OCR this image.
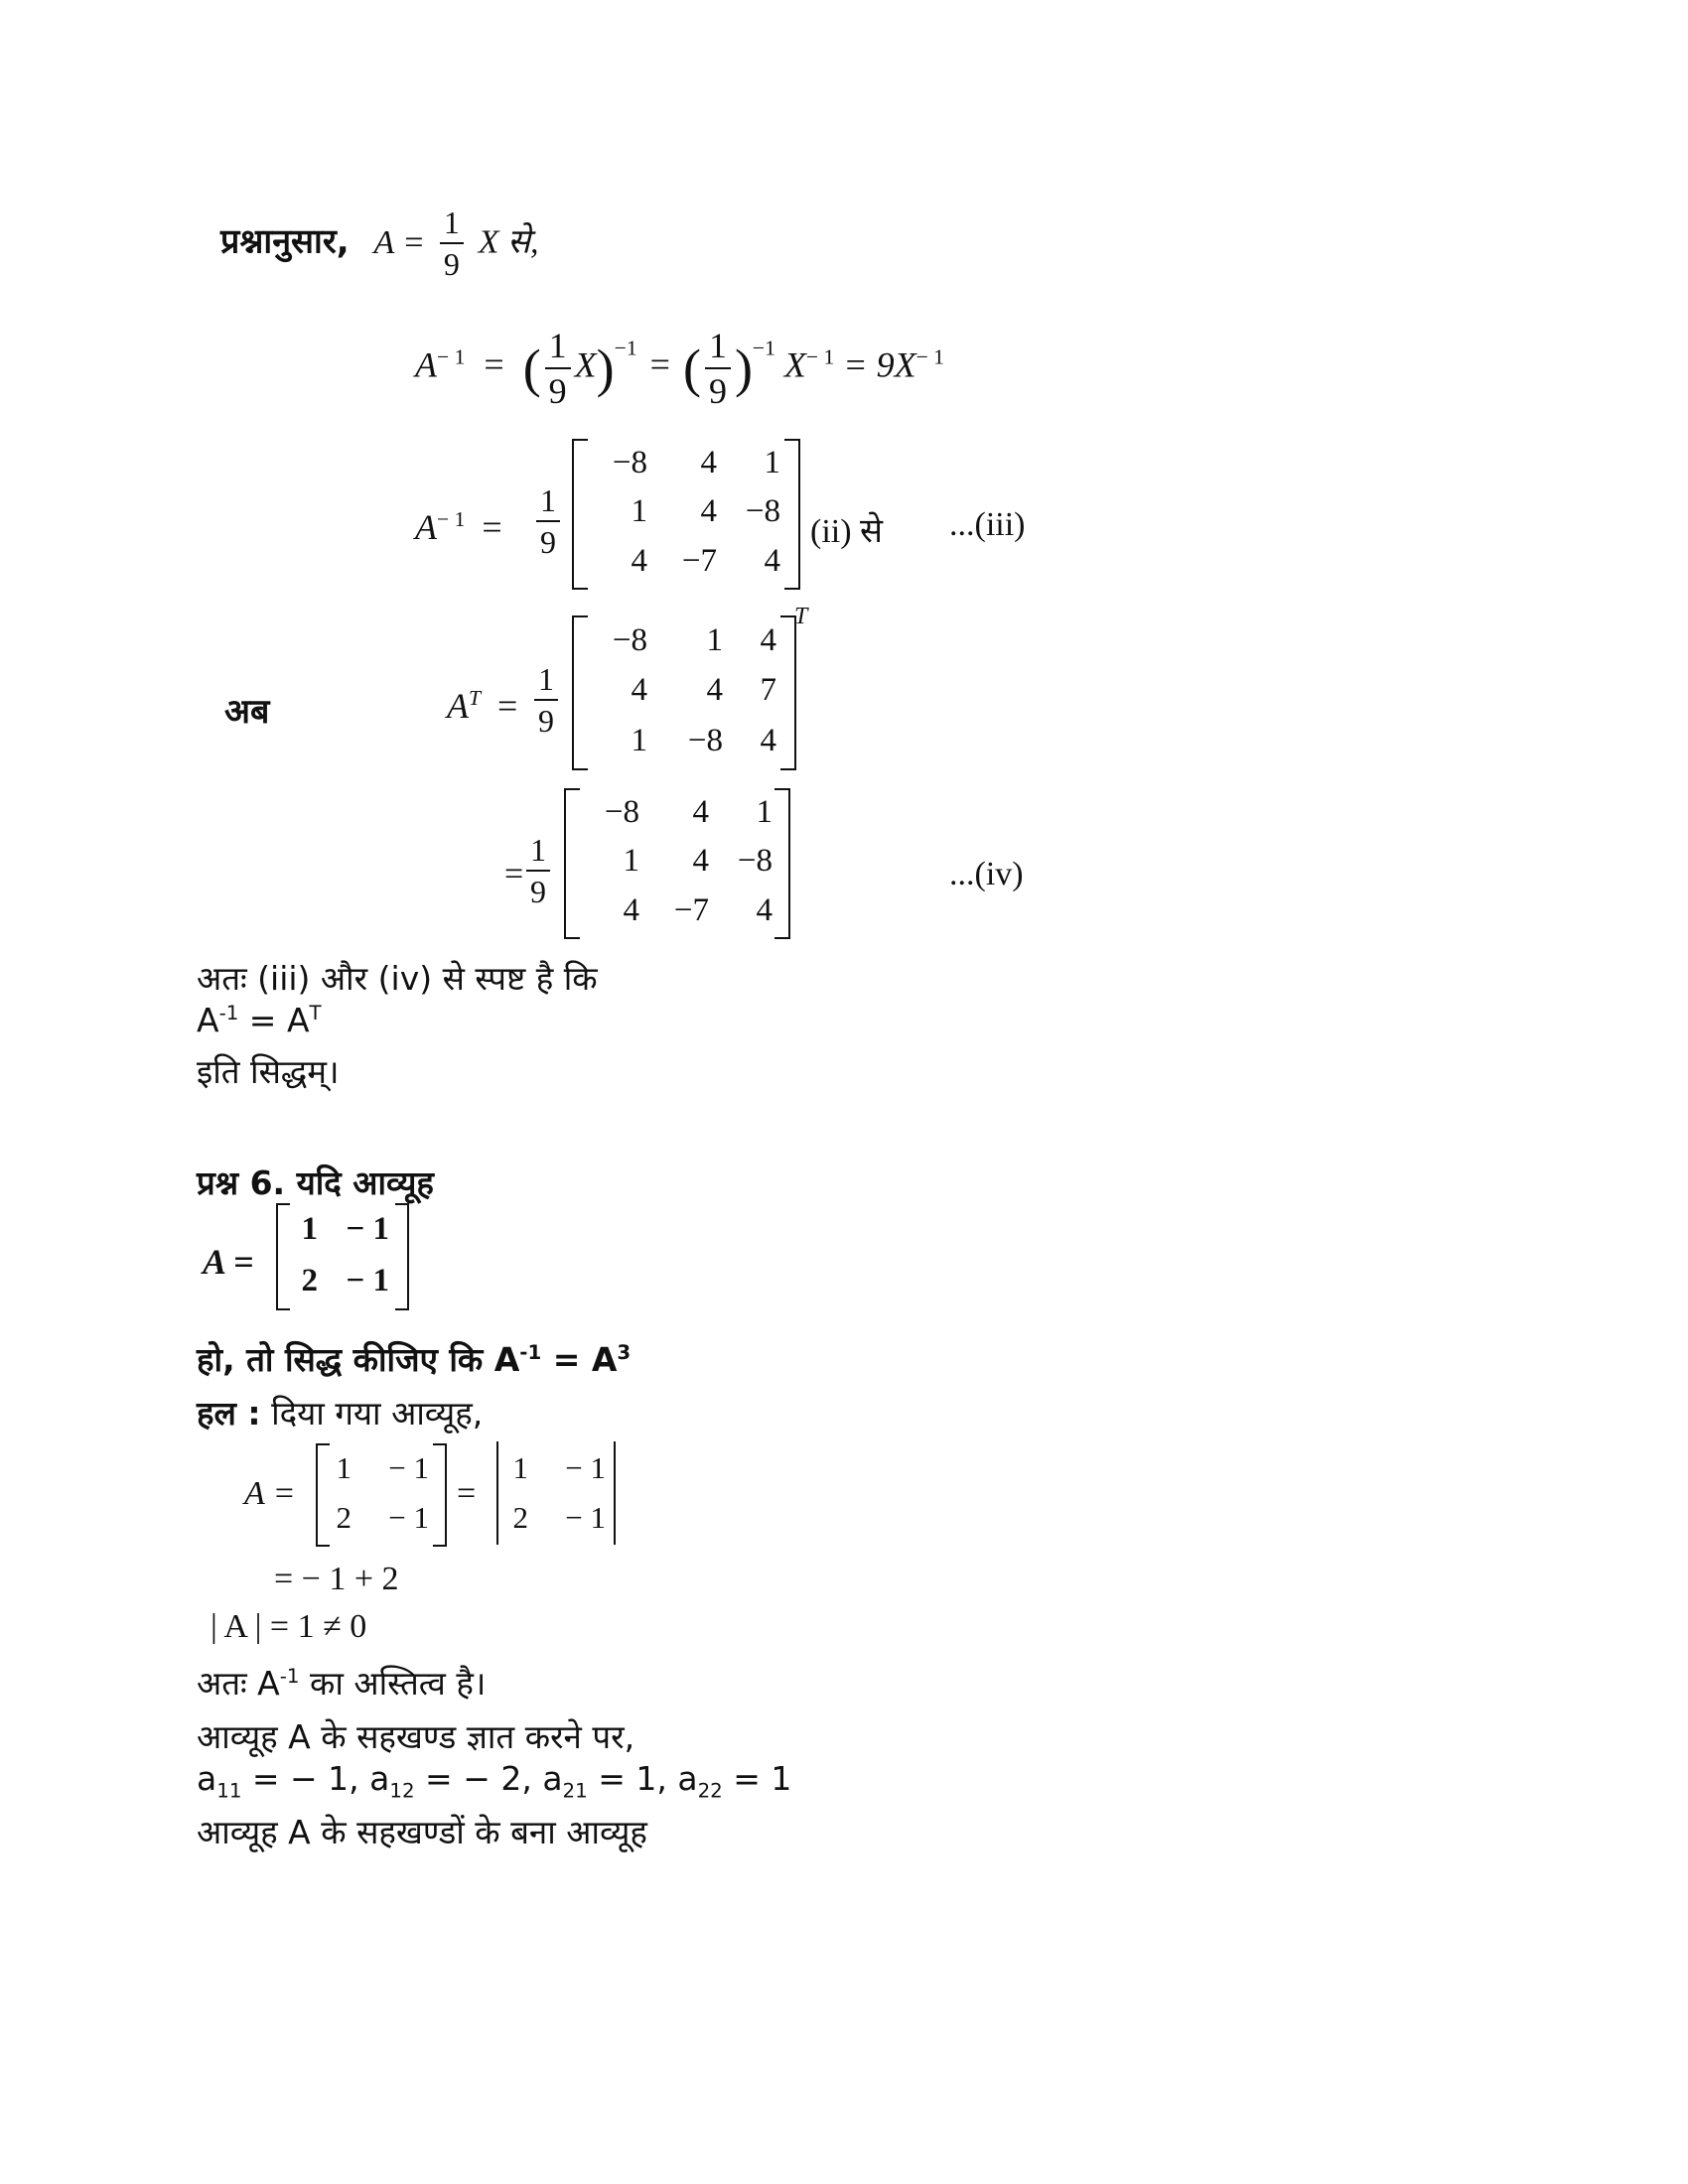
प्रश्नानुसार, $A = \frac{1}{9}$ X से,
$A^{- 1}$ = ( $\frac{1}{9} X)^{-1}$ = ( $\frac{1}{9} )^{-1}$ $X^{- 1} = 9X^{- 1}$
$A^{- 1} = \frac{1}{9}$
−8	4	1
1	4 −8
4	−7	4
(ii) से ...(iii)
अब	$A^T = \frac{1}{9}$
−8	1	4
4	4	7
1	−8	4
T
= $\frac{1}{9}$
−8	4	1
1	4 −8
4	−7	4
...(iv)
अतः (iii) और (iv) से स्पष्ट है कि
$A^{-1} = A^T$
इति सिद्धम्।
प्रश्न 6. यदि आव्यूह
A =
1 − 1
2 − 1
हो, तो सिद्ध कीजिए कि $A^{-1} = A^3$
हल : दिया गया आव्यूह,
A =
1	− 1
2	− 1
=
1	− 1
2	− 1
= − 1 + 2
| A | = 1 ≠ 0
अतः $A^{-1}$ का अस्तित्व है।
आव्यूह A के सहखण्ड ज्ञात करने पर,
$a_{11}$ = − 1, $a_{12}$ = − 2, $a_{21} = 1$, $a_{22} = 1$
आव्यूह A के सहखण्डों के बना आव्यूह
